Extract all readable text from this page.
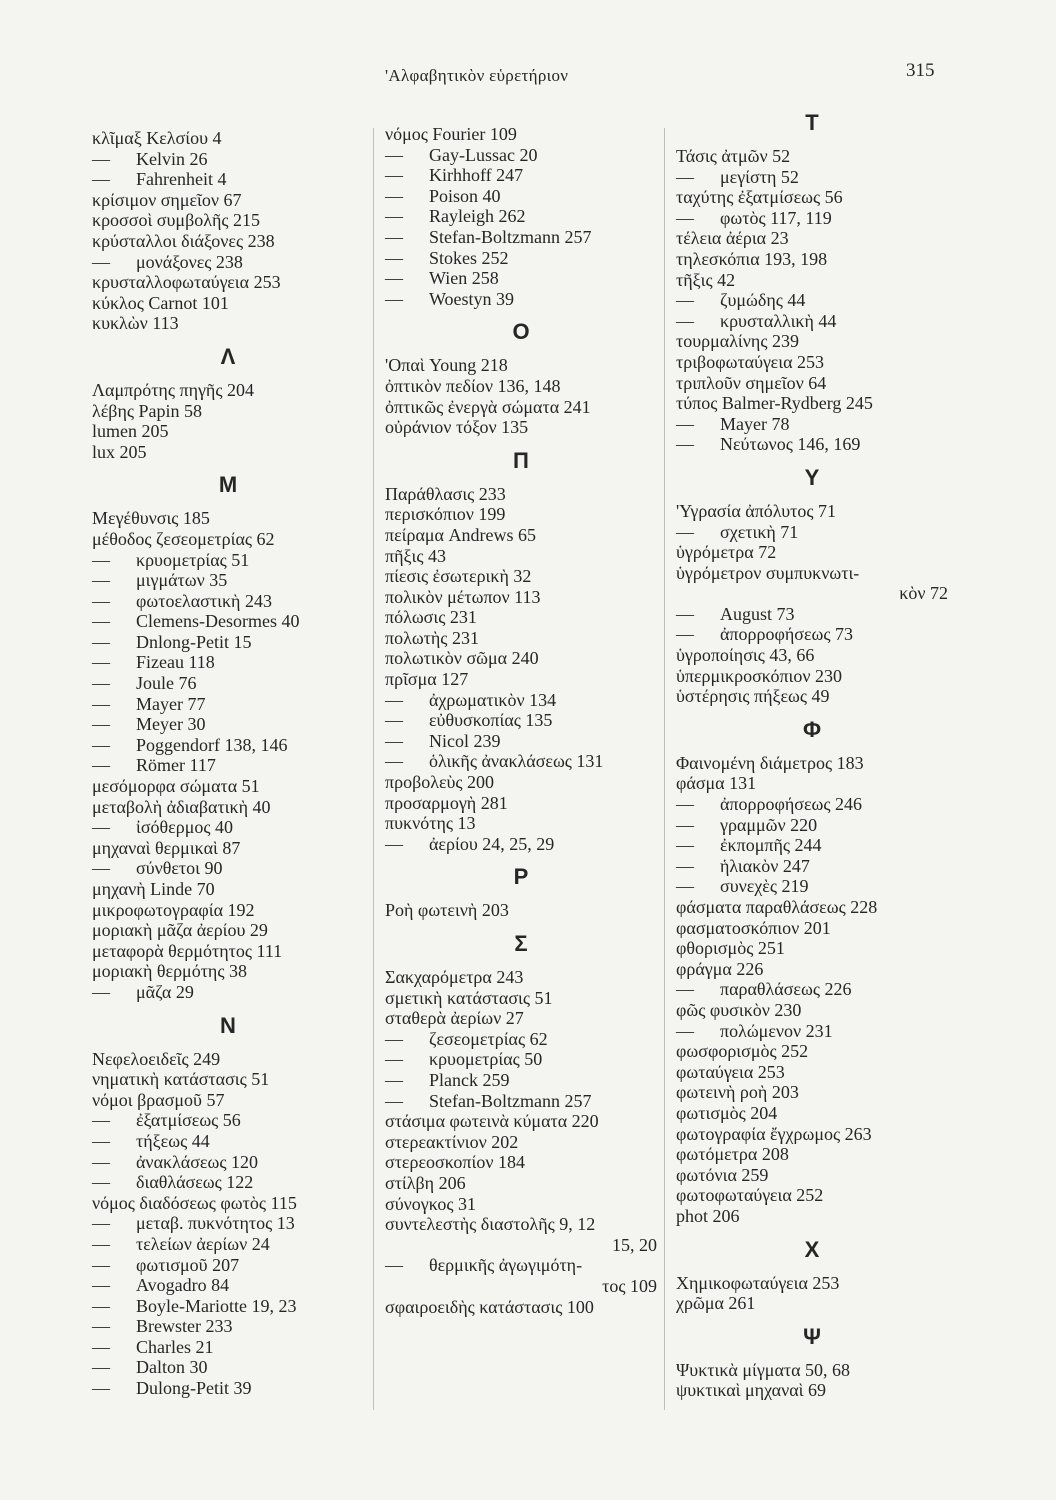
'Αλφαβητικὸν εὑρετήριον	315
κλῖμαξ Κελσίου 4
— Kelvin 26
— Fahrenheit 4
κρίσιμον σημεῖον 67
κροσσοὶ συμβολῆς 215
κρύσταλλοι διάξονες 238
— μονάξονες 238
κρυσταλλοφωταύγεια 253
κύκλος Carnot 101
κυκλὼν 113
Λ
Λαμπρότης πηγῆς 204
λέβης Papin 58
lumen 205
lux 205
Μ
Μεγέθυνσις 185
μέθοδος ζεσεομετρίας 62
— κρυομετρίας 51
— μιγμάτων 35
— φωτοελαστικὴ 243
— Clemens-Desormes 40
— Dnlong-Petit 15
— Fizeau 118
— Joule 76
— Mayer 77
— Meyer 30
— Poggendorf 138, 146
— Römer 117
μεσόμορφα σώματα 51
μεταβολὴ ἀδιαβατικὴ 40
— ἰσόθερμος 40
μηχαναὶ θερμικαὶ 87
— σύνθετοι 90
μηχανὴ Linde 70
μικροφωτογραφία 192
μοριακὴ μᾶζα ἀερίου 29
μεταφορὰ θερμότητος 111
μοριακὴ θερμότης 38
— μᾶζα 29
Ν
Νεφελοειδεῖς 249
νηματικὴ κατάστασις 51
νόμοι βρασμοῦ 57
— ἐξατμίσεως 56
— τήξεως 44
— ἀνακλάσεως 120
— διαθλάσεως 122
νόμος διαδόσεως φωτὸς 115
— μεταβ. πυκνότητος 13
— τελείων ἀερίων 24
— φωτισμοῦ 207
— Avogadro 84
— Boyle-Mariotte 19, 23
— Brewster 233
— Charles 21
— Dalton 30
— Dulong-Petit 39
νόμος Fourier 109
— Gay-Lussac 20
— Kirhhoff 247
— Poison 40
— Rayleigh 262
— Stefan-Boltzmann 257
— Stokes 252
— Wien 258
— Woestyn 39
Ο
'Οπαὶ Young 218
ὀπτικὸν πεδίον 136, 148
ὀπτικῶς ἐνεργὰ σώματα 241
οὐράνιον τόξον 135
Π
Παράθλασις 233
περισκόπιον 199
πείραμα Andrews 65
πῆξις 43
πίεσις ἐσωτερικὴ 32
πολικὸν μέτωπον 113
πόλωσις 231
πολωτὴς 231
πολωτικὸν σῶμα 240
πρῖσμα 127
— ἀχρωματικὸν 134
— εὐθυσκοπίας 135
— Nicol 239
— ὁλικῆς ἀνακλάσεως 131
προβολεὺς 200
προσαρμογὴ 281
πυκνότης 13
— ἀερίου 24, 25, 29
Ρ
Ροὴ φωτεινὴ 203
Σ
Σακχαρόμετρα 243
σμετικὴ κατάστασις 51
σταθερὰ ἀερίων 27
— ζεσεομετρίας 62
— κρυομετρίας 50
— Planck 259
— Stefan-Boltzmann 257
στάσιμα φωτεινὰ κύματα 220
στερεακτίνιον 202
στερεοσκοπίον 184
στίλβη 206
σύνογκος 31
συντελεστὴς διαστολῆς 9, 12
15, 20
— θερμικῆς ἀγωγιμότη-
τος 109
σφαιροειδὴς κατάστασις 100
Τ
Τάσις ἀτμῶν 52
— μεγίστη 52
ταχύτης ἐξατμίσεως 56
— φωτὸς 117, 119
τέλεια ἀέρια 23
τηλεσκόπια 193, 198
τῆξις 42
— ζυμώδης 44
— κρυσταλλικὴ 44
τουρμαλίνης 239
τριβοφωταύγεια 253
τριπλοῦν σημεῖον 64
τύπος Balmer-Rydberg 245
— Mayer 78
— Νεύτωνος 146, 169
Υ
'Υγρασία ἀπόλυτος 71
— σχετικὴ 71
ὑγρόμετρα 72
ὑγρόμετρον συμπυκνωτι-
κὸν 72
— August 73
— ἀπορροφήσεως 73
ὑγροποίησις 43, 66
ὑπερμικροσκόπιον 230
ὑστέρησις πήξεως 49
Φ
Φαινομένη διάμετρος 183
φάσμα 131
— ἀπορροφήσεως 246
— γραμμῶν 220
— ἐκπομπῆς 244
— ἡλιακὸν 247
— συνεχὲς 219
φάσματα παραθλάσεως 228
φασματοσκόπιον 201
φθορισμὸς 251
φράγμα 226
— παραθλάσεως 226
φῶς φυσικὸν 230
— πολώμενον 231
φωσφορισμὸς 252
φωταύγεια 253
φωτεινὴ ροὴ 203
φωτισμὸς 204
φωτογραφία ἔγχρωμος 263
φωτόμετρα 208
φωτόνια 259
φωτοφωταύγεια 252
phot 206
Χ
Χημικοφωταύγεια 253
χρῶμα 261
Ψ
Ψυκτικὰ μίγματα 50, 68
ψυκτικαὶ μηχαναὶ 69
